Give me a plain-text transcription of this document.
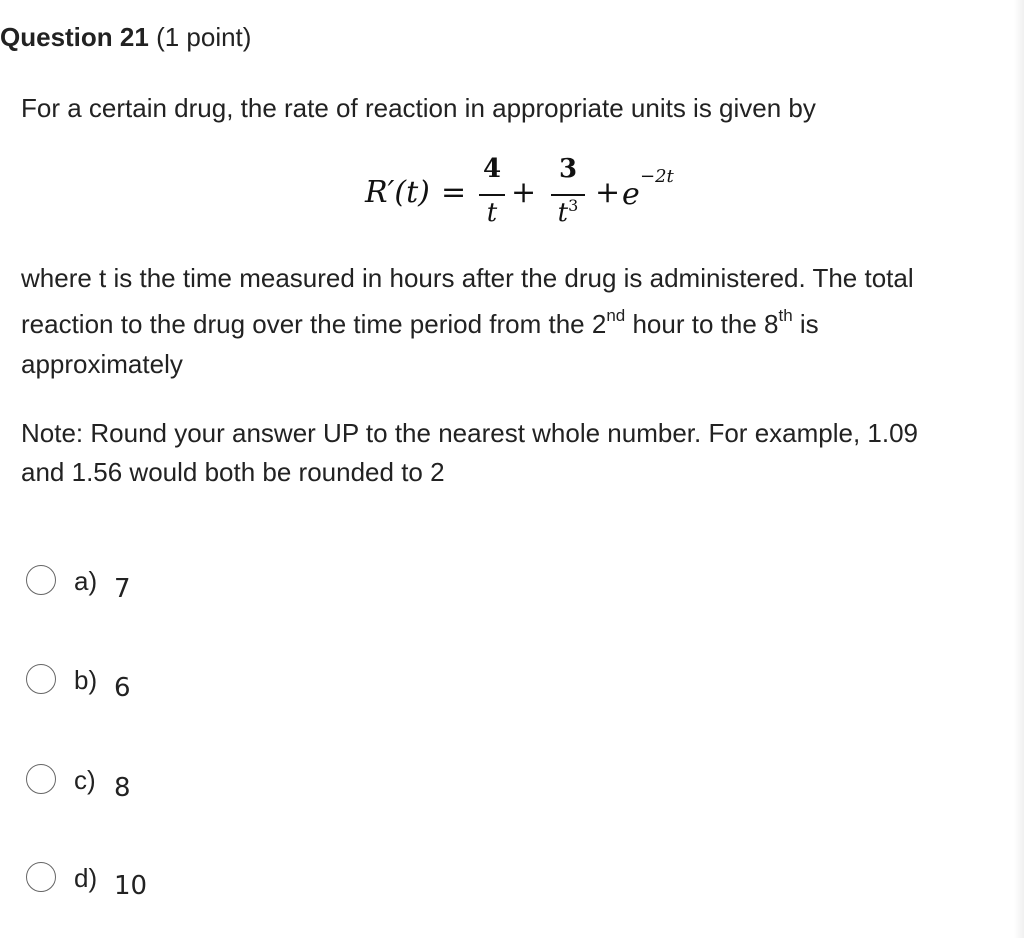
Question 21 (1 point)
For a certain drug, the rate of reaction in appropriate units is given by
R′(t) =
4
t
+
3
$t^3 + e$
−2t
where t is the time measured in hours after the drug is administered. The total
reaction to the drug over the time period from the 2nd hour to the 8th is
approximately
Note: Round your answer UP to the nearest whole number. For example, 1.09
and 1.56 would both be rounded to 2
a) 7
b) 6
c) 8
d) 10
